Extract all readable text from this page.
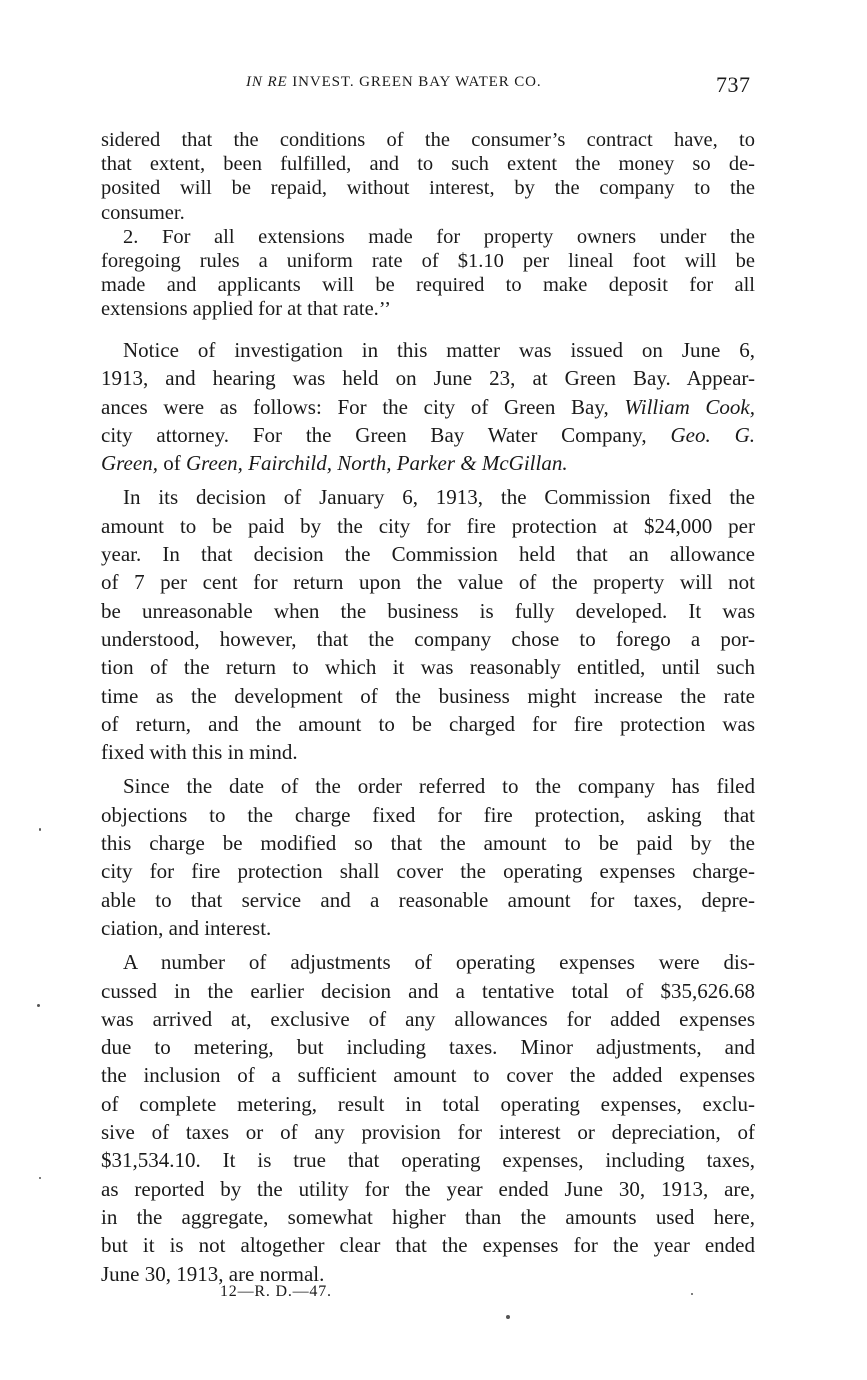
IN RE INVEST. GREEN BAY WATER CO.	737
sidered that the conditions of the consumer’s contract have, to
that extent, been fulfilled, and to such extent the money so de-
posited will be repaid, without interest, by the company to the
consumer.
2. For all extensions made for property owners under the
foregoing rules a uniform rate of $1.10 per lineal foot will be
made and applicants will be required to make deposit for all
extensions applied for at that rate.’’
Notice of investigation in this matter was issued on June 6,
1913, and hearing was held on June 23, at Green Bay. Appear-
ances were as follows: For the city of Green Bay, William Cook,
city attorney. For the Green Bay Water Company, Geo. G.
Green, of Green, Fairchild, North, Parker & McGillan.
In its decision of January 6, 1913, the Commission fixed the
amount to be paid by the city for fire protection at $24,000 per
year. In that decision the Commission held that an allowance
of 7 per cent for return upon the value of the property will not
be unreasonable when the business is fully developed. It was
understood, however, that the company chose to forego a por-
tion of the return to which it was reasonably entitled, until such
time as the development of the business might increase the rate
of return, and the amount to be charged for fire protection was
fixed with this in mind.
Since the date of the order referred to the company has filed
objections to the charge fixed for fire protection, asking that
this charge be modified so that the amount to be paid by the
city for fire protection shall cover the operating expenses charge-
able to that service and a reasonable amount for taxes, depre-
ciation, and interest.
A number of adjustments of operating expenses were dis-
cussed in the earlier decision and a tentative total of $35,626.68
was arrived at, exclusive of any allowances for added expenses
due to metering, but including taxes. Minor adjustments, and
the inclusion of a sufficient amount to cover the added expenses
of complete metering, result in total operating expenses, exclu-
sive of taxes or of any provision for interest or depreciation, of
$31,534.10. It is true that operating expenses, including taxes,
as reported by the utility for the year ended June 30, 1913, are,
in the aggregate, somewhat higher than the amounts used here,
but it is not altogether clear that the expenses for the year ended
June 30, 1913, are normal.
12—R. D.—47.
